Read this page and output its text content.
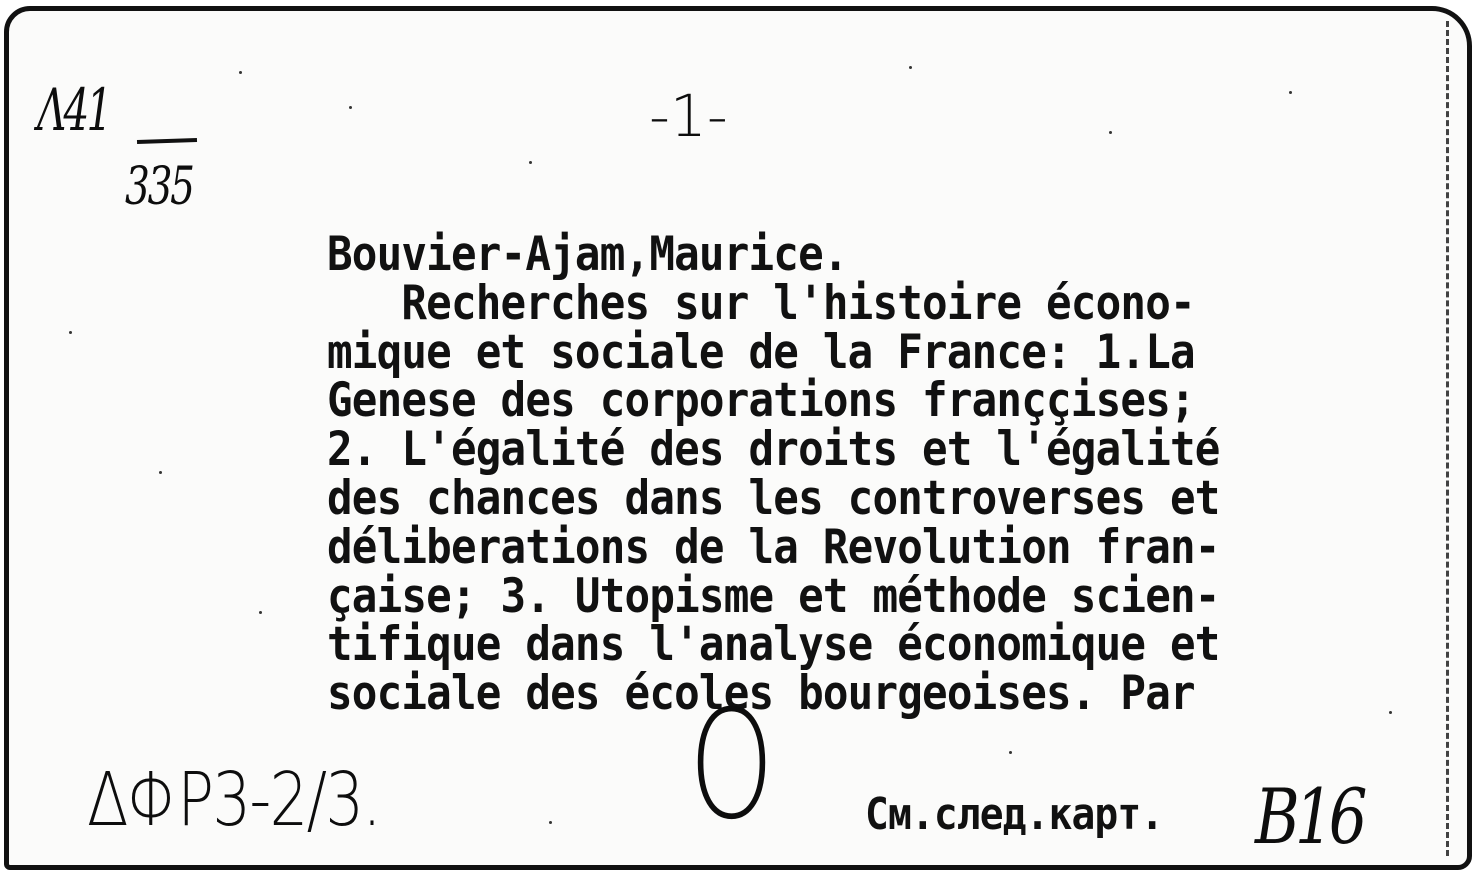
Λ41
335
-1-
Bouvier-Ajam,Maurice.
Recherches sur l'histoire écono-
mique et sociale de la France: 1.La
Genese des corporations franççises;
2. L'égalité des droits et l'égalité
des chances dans les controverses et
déliberations de la Revolution fran-
çaise; 3. Utopisme et méthode scien-
tifique dans l'analyse économique et
sociale des écoles bourgeoises. Par
ΔΦP3-2/3. O См.след.карт. B16
